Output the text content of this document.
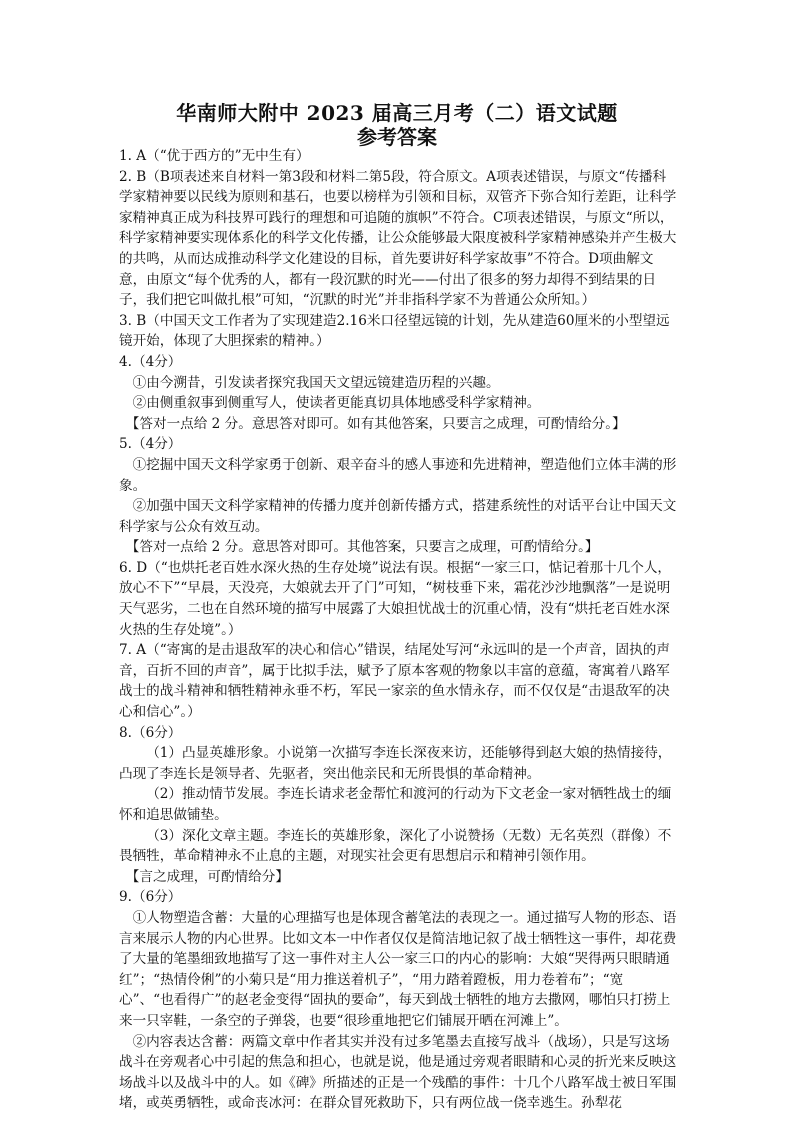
华南师大附中 2023 届高三月考（二）语文试题
参考答案

1. A（“优于西方的”无中生有）

2. B（B项表述来自材料一第3段和材料二第5段，符合原文。A项表述错误，与原文“传播科学家精神要以民线为原则和基石，也要以榜样为引领和目标，双管齐下弥合知行差距，让科学家精神真正成为科技界可践行的理想和可追随的旗帜”不符合。C项表述错误，与原文“所以，科学家精神要实现体系化的科学文化传播，让公众能够最大限度被科学家精神感染并产生极大的共鸣，从而达成推动科学文化建设的目标，首先要讲好科学家故事”不符合。D项曲解文意，由原文“每个优秀的人，都有一段沉默的时光——付出了很多的努力却得不到结果的日子，我们把它叫做扎根”可知，“沉默的时光”并非指科学家不为普通公众所知。）

3. B（中国天文工作者为了实现建造2.16米口径望远镜的计划，先从建造60厘米的小型望远镜开始，体现了大胆探索的精神。）

4.（4分）

①由今溯昔，引发读者探究我国天文望远镜建造历程的兴趣。

②由侧重叙事到侧重写人，使读者更能真切具体地感受科学家精神。

【答对一点给 2 分。意思答对即可。如有其他答案，只要言之成理，可酌情给分。】

5.（4分）

①挖掘中国天文科学家勇于创新、艰辛奋斗的感人事迹和先进精神，塑造他们立体丰满的形象。

②加强中国天文科学家精神的传播力度并创新传播方式，搭建系统性的对话平台让中国天文科学家与公众有效互动。

【答对一点给 2 分。意思答对即可。其他答案，只要言之成理，可酌情给分。】

6. D（“也烘托老百姓水深火热的生存处境”说法有误。根据“一家三口，惦记着那十几个人，放心不下”“早晨，天没亮，大娘就去开了门”可知，“树枝垂下来，霜花沙沙地飘落”一是说明天气恶劣，二也在自然环境的描写中展露了大娘担忧战士的沉重心情，没有“烘托老百姓水深火热的生存处境”。）

7. A（“寄寓的是击退敌军的决心和信心”错误，结尾处写河“永远叫的是一个声音，固执的声音，百折不回的声音”，属于比拟手法，赋予了原本客观的物象以丰富的意蕴，寄寓着八路军战士的战斗精神和牺牲精神永垂不朽，军民一家亲的鱼水情永存，而不仅仅是“击退敌军的决心和信心”。）

8.（6分）

（1）凸显英雄形象。小说第一次描写李连长深夜来访，还能够得到赵大娘的热情接待，凸现了李连长是领导者、先驱者，突出他亲民和无所畏惧的革命精神。

（2）推动情节发展。李连长请求老金帮忙和渡河的行动为下文老金一家对牺牲战士的缅怀和追思做铺垫。

（3）深化文章主题。李连长的英雄形象，深化了小说赞扬（无数）无名英烈（群像）不畏牺牲，革命精神永不止息的主题，对现实社会更有思想启示和精神引领作用。

【言之成理，可酌情给分】

9.（6分）

①人物塑造含蓄：大量的心理描写也是体现含蓄笔法的表现之一。通过描写人物的形态、语言来展示人物的内心世界。比如文本一中作者仅仅是简洁地记叙了战士牺牲这一事件，却花费了大量的笔墨细致地描写了这一事件对主人公一家三口的内心的影响：大娘“哭得两只眼睛通红”；“热情伶俐”的小菊只是“用力推送着机子”，“用力踏着蹬板，用力卷着布”；“宽心”、“也看得广”的赵老金变得“固执的要命”，每天到战士牺牲的地方去撒网，哪怕只打捞上来一只宰鞋，一条空的子弹袋，也要“很珍重地把它们铺展开晒在河滩上”。

②内容表达含蓄：两篇文章中作者其实并没有过多笔墨去直接写战斗（战场），只是写这场战斗在旁观者心中引起的焦急和担心，也就是说，他是通过旁观者眼睛和心灵的折光来反映这场战斗以及战斗中的人。如《碑》所描述的正是一个残酷的事件：十几个八路军战士被日军围堵，或英勇牺牲，或命丧冰河：在群众冒死救助下，只有两位战一侥幸逃生。孙犁花
